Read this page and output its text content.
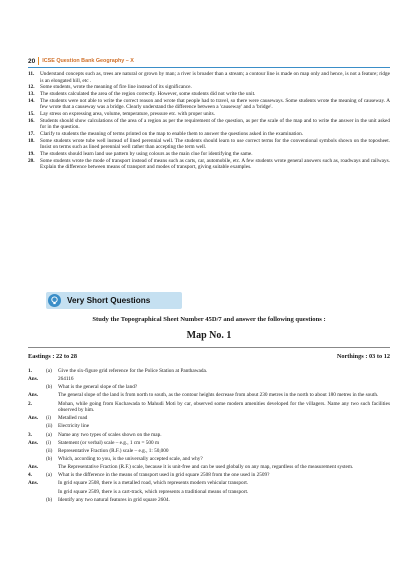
20 ICSE Question Bank Geography – X
11.	Understand concepts such as, trees are natural or grown by man; a river is broader than a stream; a contour line is made on map only and hence, is not a feature; ridge is an elongated hill, etc .
12.	Some students, wrote the meaning of fire line instead of its significance.
13.	The students calculated the area of the region correctly. However, some students did not write the unit.
14.	The students were not able to write the correct reason and wrote that people had to travel, so there were causeways. Some students wrote the meaning of causeway. A few wrote that a causeway was a bridge. Clearly understand the difference between a 'causeway' and a 'bridge'.
15.	Lay stress on expressing area, volume, temperature, pressure etc. with proper units.
16.	Students should show calculations of the area of a region as per the requirement of the question, as per the scale of the map and to write the answer in the unit asked for in the question.
17.	Clarify to students the meaning of terms printed on the map to enable them to answer the questions asked in the examination.
18.	Some students wrote tube well instead of lined perennial well. The students should learn to use correct terms for the conventional symbols shown on the toposheet. Insist on terms such as lined perennial well rather than accepting the term well.
19.	The students should learn land use pattern by using colours as the main clue for identifying the same.
20.	Some students wrote the mode of transport instead of means such as carts, car, automobile, etc. A few students wrote general answers such as, roadways and railways. Explain the difference between means of transport and modes of transport, giving suitable examples.
Very Short Questions
Study the Topographical Sheet Number 45D/7 and answer the following questions :
Map No. 1
Eastings : 22 to 28	Northings : 03 to 12
1.	(a)	Give the six-figure grid reference for the Police Station at Panthawada.
Ans.	264116
(b)	What is the general slope of the land?
Ans.	The general slope of the land is from north to south, as the contour heights decrease from about 230 metres in the north to about 180 metres in the south.
2.	Mohan, while going from Kuchawada to Mahudi Moti by car, observed some modern amenities developed for the villagers. Name any two such facilities observed by him.
Ans.	(i)	Metalled road
(ii)	Electricity line
3.	(a)	Name any two types of scales shown on the map.
Ans.	(i)	Statement (or verbal) scale – e.g., 1 cm = 500 m
(ii)	Representative Fraction (R.F.) scale – e.g., 1: 50,000
(b)	Which, according to you, is the universally accepted scale, and why?
Ans.	The Representative Fraction (R.F.) scale, because it is unit-free and can be used globally on any map, regardless of the measurement system.
4.	(a)	What is the difference in the means of transport used in grid square 2508 from the one used in 2509?
Ans.	In grid square 2508, there is a metalled road, which represents modern vehicular transport.
In grid square 2509, there is a cart-track, which represents a traditional means of transport.
(b)	Identify any two natural features in grid square 2604.
